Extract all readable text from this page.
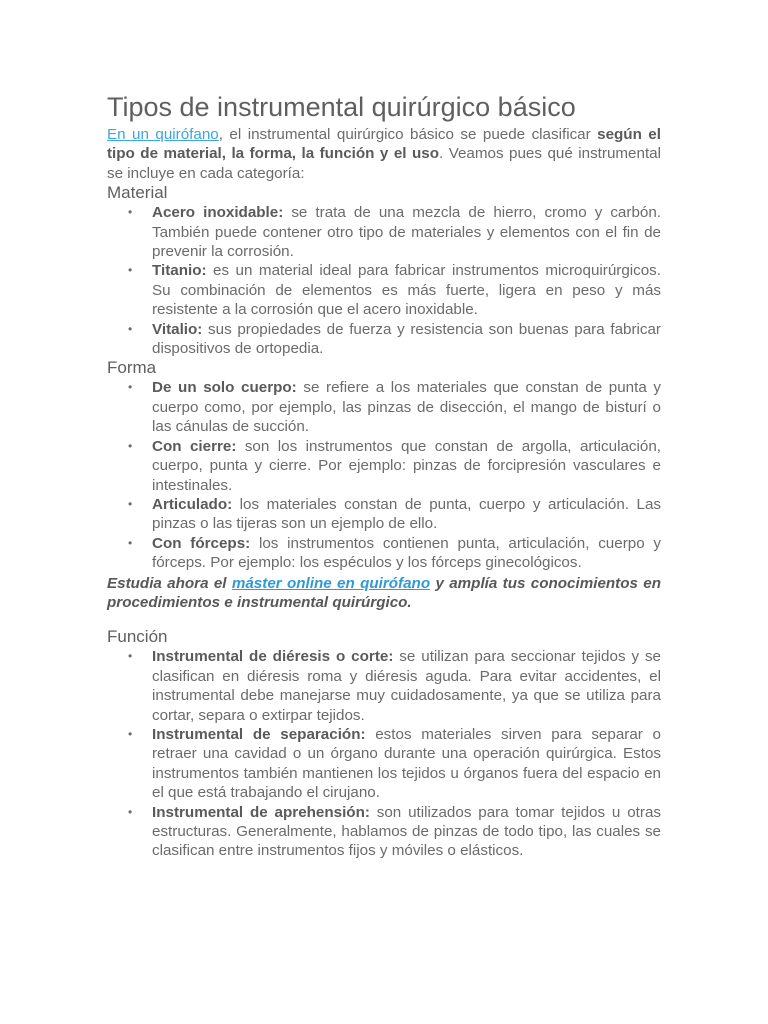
Tipos de instrumental quirúrgico básico

En un quirófano, el instrumental quirúrgico básico se puede clasificar según el tipo de material, la forma, la función y el uso. Veamos pues qué instrumental se incluye en cada categoría:

Material
• Acero inoxidable: se trata de una mezcla de hierro, cromo y carbón. También puede contener otro tipo de materiales y elementos con el fin de prevenir la corrosión.
• Titanio: es un material ideal para fabricar instrumentos microquirúrgicos. Su combinación de elementos es más fuerte, ligera en peso y más resistente a la corrosión que el acero inoxidable.
• Vitalio: sus propiedades de fuerza y resistencia son buenas para fabricar dispositivos de ortopedia.
Forma
• De un solo cuerpo: se refiere a los materiales que constan de punta y cuerpo como, por ejemplo, las pinzas de disección, el mango de bisturí o las cánulas de succión.
• Con cierre: son los instrumentos que constan de argolla, articulación, cuerpo, punta y cierre. Por ejemplo: pinzas de forcipresión vasculares e intestinales.
• Articulado: los materiales constan de punta, cuerpo y articulación. Las pinzas o las tijeras son un ejemplo de ello.
• Con fórceps: los instrumentos contienen punta, articulación, cuerpo y fórceps. Por ejemplo: los espéculos y los fórceps ginecológicos.

Estudia ahora el máster online en quirófano y amplía tus conocimientos en procedimientos e instrumental quirúrgico.

Función
• Instrumental de diéresis o corte: se utilizan para seccionar tejidos y se clasifican en diéresis roma y diéresis aguda. Para evitar accidentes, el instrumental debe manejarse muy cuidadosamente, ya que se utiliza para cortar, separa o extirpar tejidos.
• Instrumental de separación: estos materiales sirven para separar o retraer una cavidad o un órgano durante una operación quirúrgica. Estos instrumentos también mantienen los tejidos u órganos fuera del espacio en el que está trabajando el cirujano.
• Instrumental de aprehensión: son utilizados para tomar tejidos u otras estructuras. Generalmente, hablamos de pinzas de todo tipo, las cuales se clasifican entre instrumentos fijos y móviles o elásticos.
